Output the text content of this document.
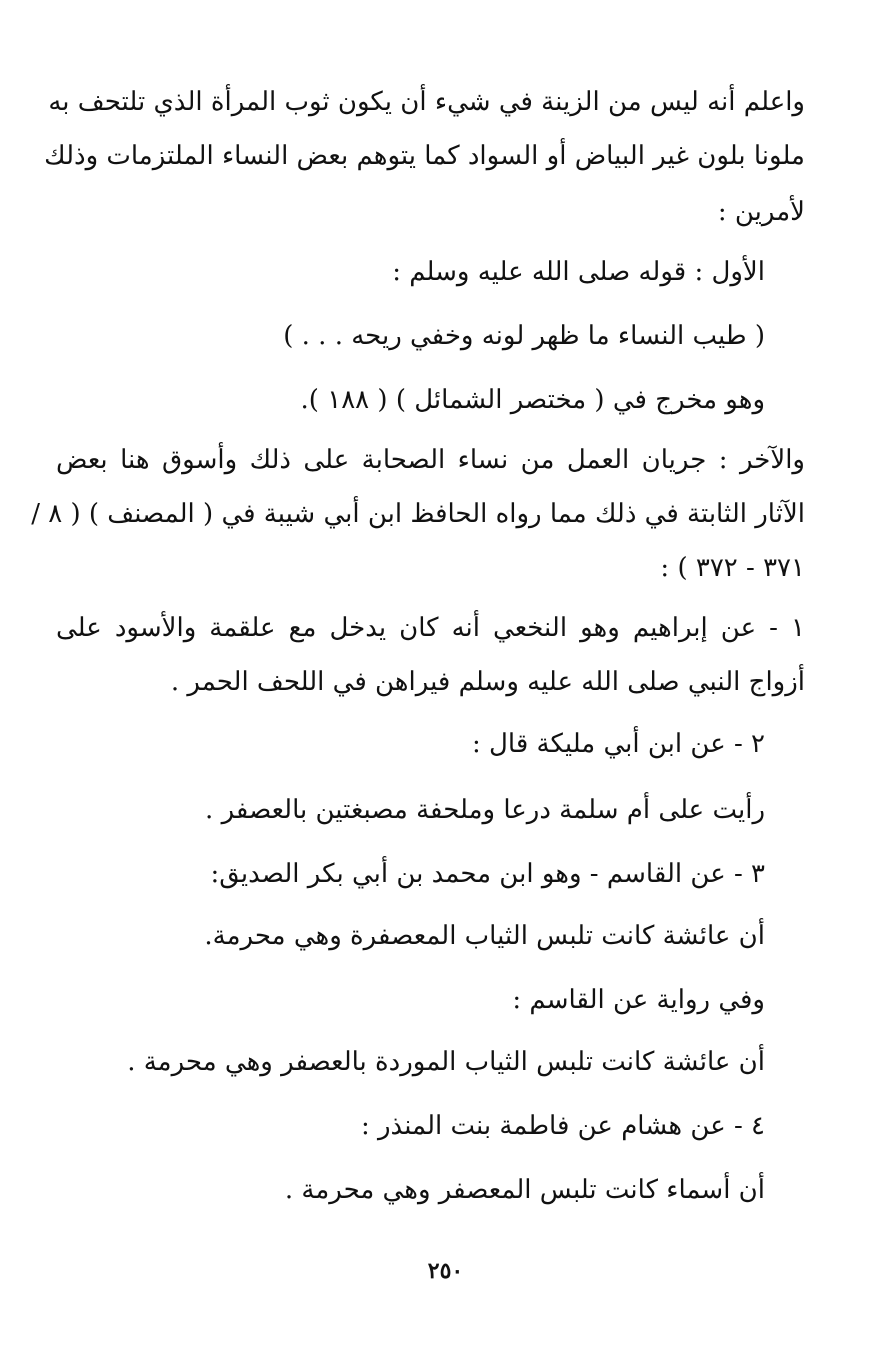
واعلم أنه ليس من الزينة في شيء أن يكون ثوب المرأة الذي تلتحف به
ملونا بلون غير البياض أو السواد كما يتوهم بعض النساء الملتزمات وذلك
لأمرين :
الأول : قوله صلى الله عليه وسلم :
( طيب النساء ما ظهر لونه وخفي ريحه . . . )
وهو مخرج في ( مختصر الشمائل ) ( ١٨٨ ).
والآخر : جريان العمل من نساء الصحابة على ذلك وأسوق هنا بعض
الآثار الثابتة في ذلك مما رواه الحافظ ابن أبي شيبة في ( المصنف ) ( ٨ /
٣٧١ - ٣٧٢ ) :
١ - عن إبراهيم وهو النخعي أنه كان يدخل مع علقمة والأسود على
أزواج النبي صلى الله عليه وسلم فيراهن في اللحف الحمر .
٢ - عن ابن أبي مليكة قال :
رأيت على أم سلمة درعا وملحفة مصبغتين بالعصفر .
٣ - عن القاسم - وهو ابن محمد بن أبي بكر الصديق:
أن عائشة كانت تلبس الثياب المعصفرة وهي محرمة.
وفي رواية عن القاسم :
أن عائشة كانت تلبس الثياب الموردة بالعصفر وهي محرمة .
٤ - عن هشام عن فاطمة بنت المنذر :
أن أسماء كانت تلبس المعصفر وهي محرمة .
٢٥٠
